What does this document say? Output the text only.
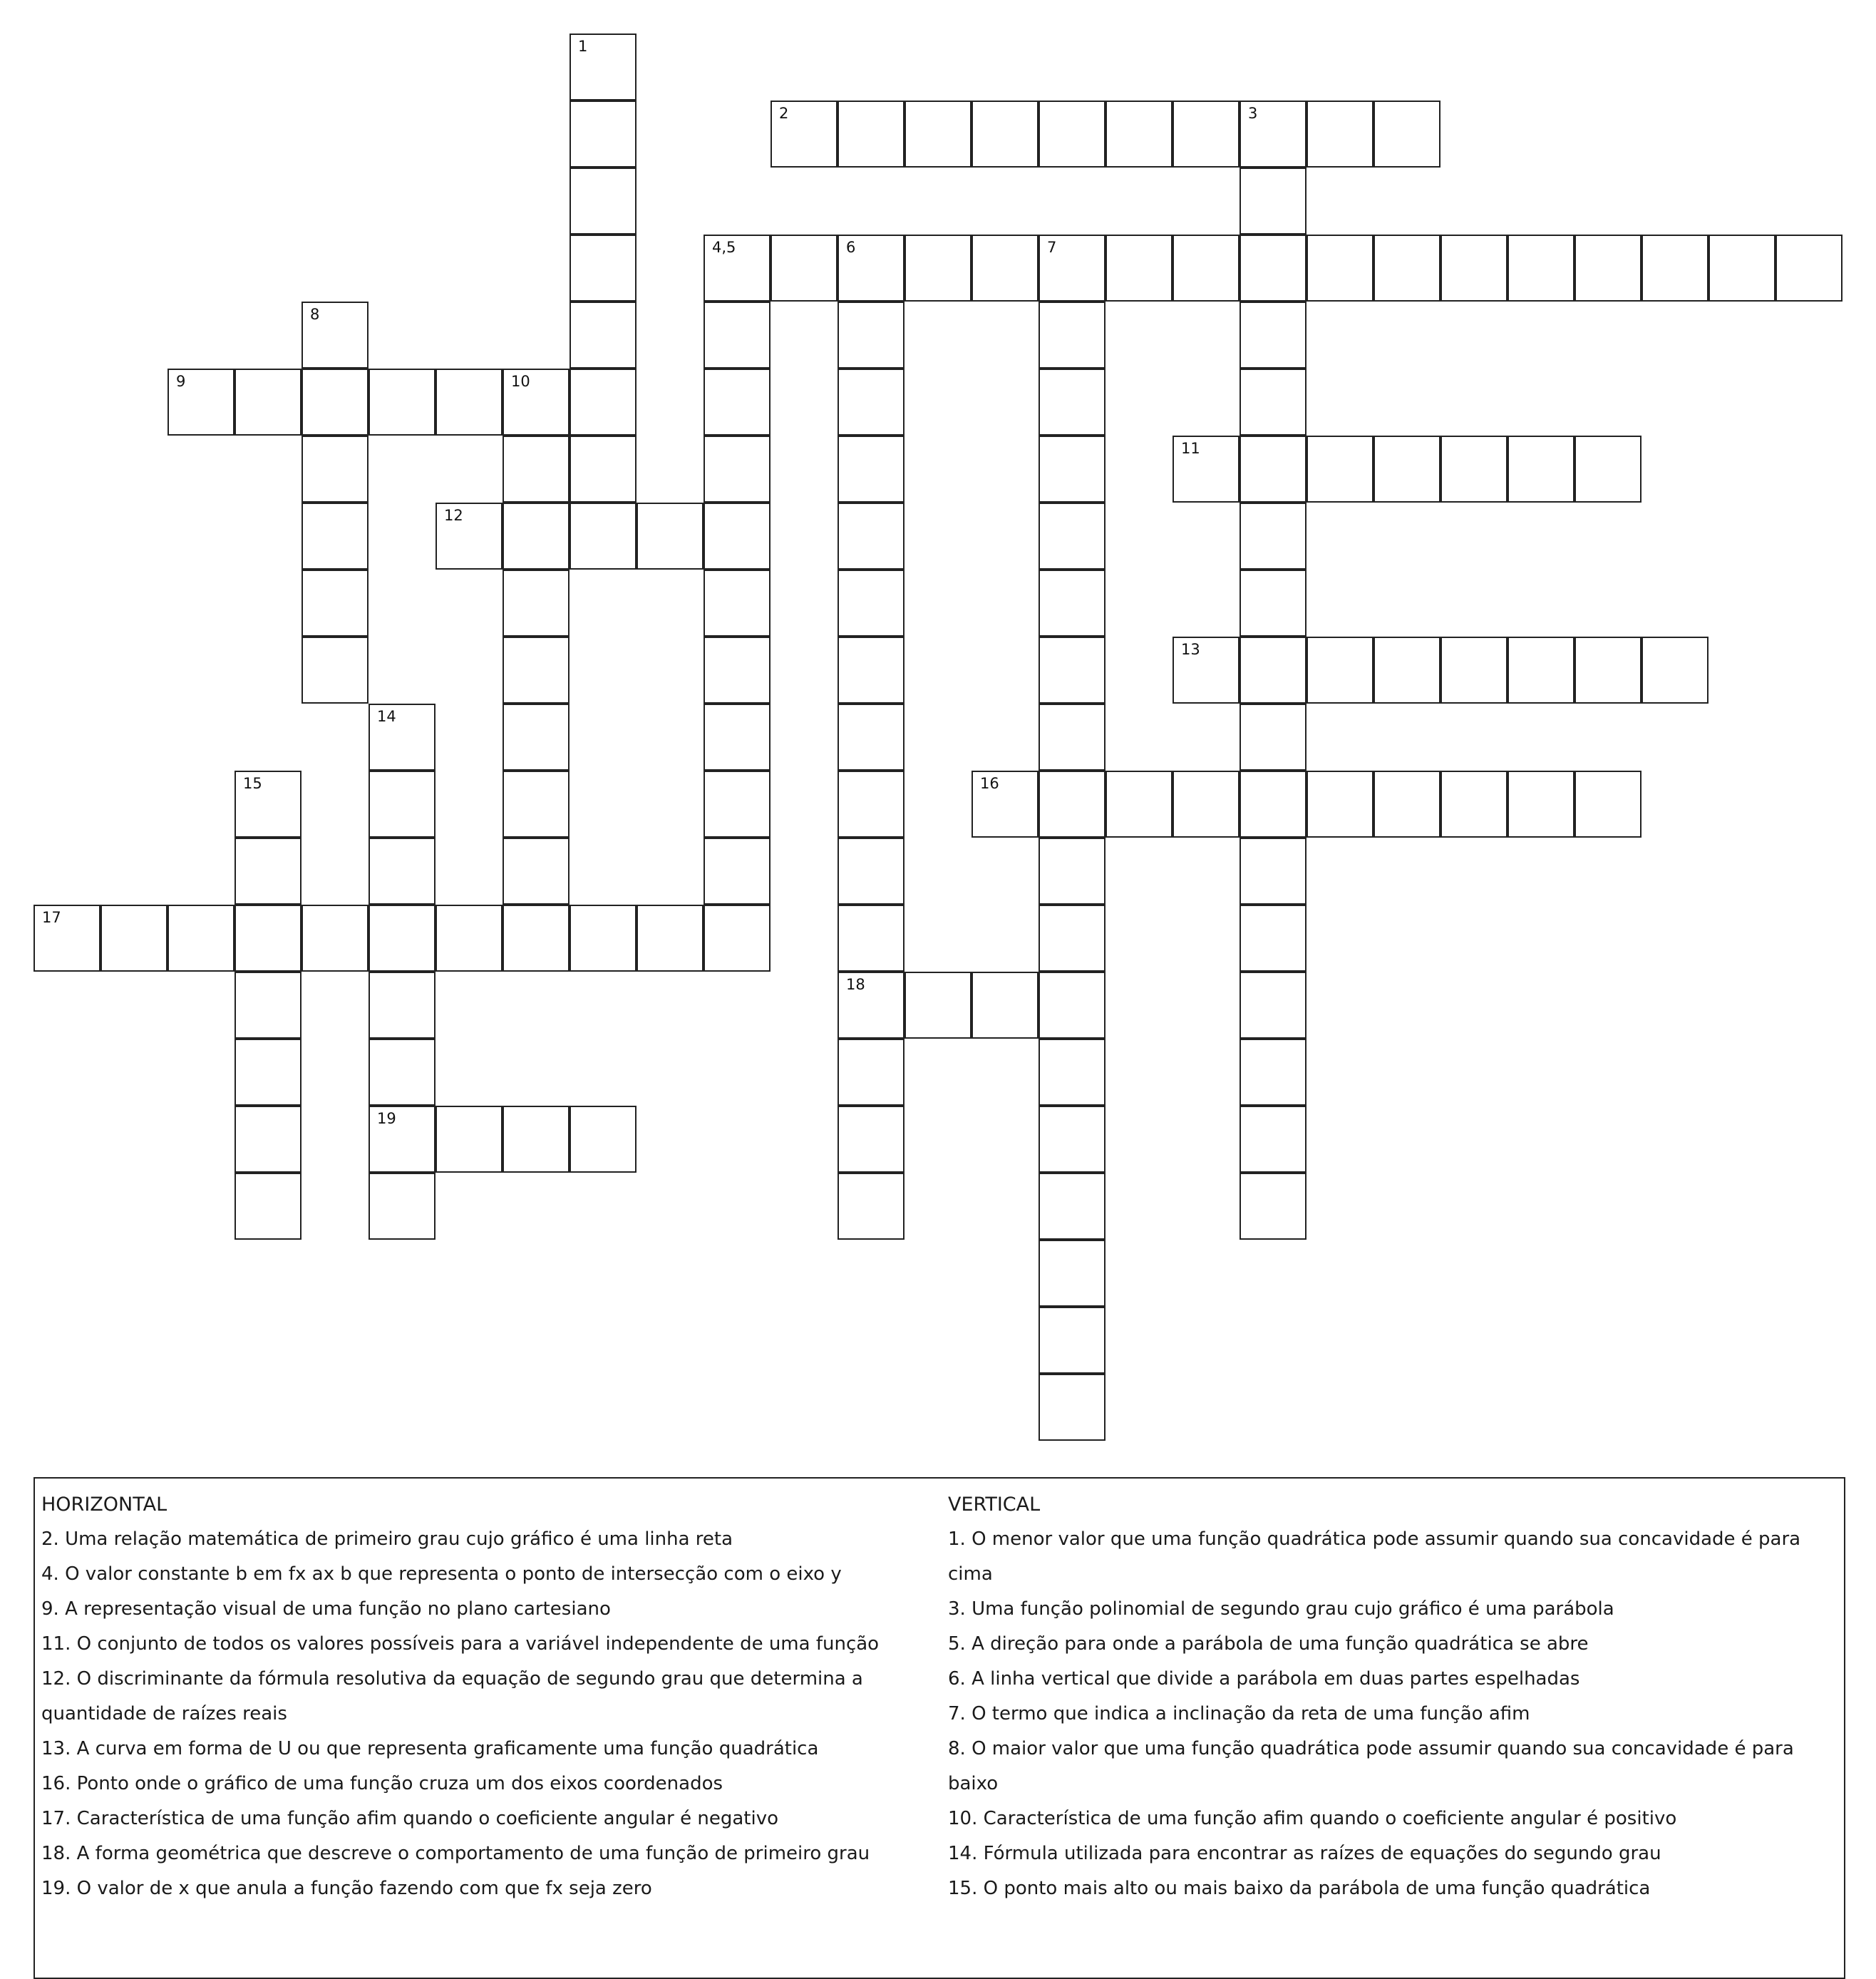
1
2	3
4,5	6	7
18
8
9	10
11
12
13
14
19
15	16
17

HORIZONTAL

2. Uma relação matemática de primeiro grau cujo gráfico é uma linha reta
4. O valor constante b em fx ax b que representa o ponto de intersecção com o eixo y
9. A representação visual de uma função no plano cartesiano
11. O conjunto de todos os valores possíveis para a variável independente de uma função
12. O discriminante da fórmula resolutiva da equação de segundo grau que determina a
quantidade de raízes reais
13. A curva em forma de U ou que representa graficamente uma função quadrática
16. Ponto onde o gráfico de uma função cruza um dos eixos coordenados
17. Característica de uma função afim quando o coeficiente angular é negativo
18. A forma geométrica que descreve o comportamento de uma função de primeiro grau
19. O valor de x que anula a função fazendo com que fx seja zero

VERTICAL

1. O menor valor que uma função quadrática pode assumir quando sua concavidade é para
cima
3. Uma função polinomial de segundo grau cujo gráfico é uma parábola
5. A direção para onde a parábola de uma função quadrática se abre
6. A linha vertical que divide a parábola em duas partes espelhadas
7. O termo que indica a inclinação da reta de uma função afim
8. O maior valor que uma função quadrática pode assumir quando sua concavidade é para
baixo
10. Característica de uma função afim quando o coeficiente angular é positivo
14. Fórmula utilizada para encontrar as raízes de equações do segundo grau
15. O ponto mais alto ou mais baixo da parábola de uma função quadrática
